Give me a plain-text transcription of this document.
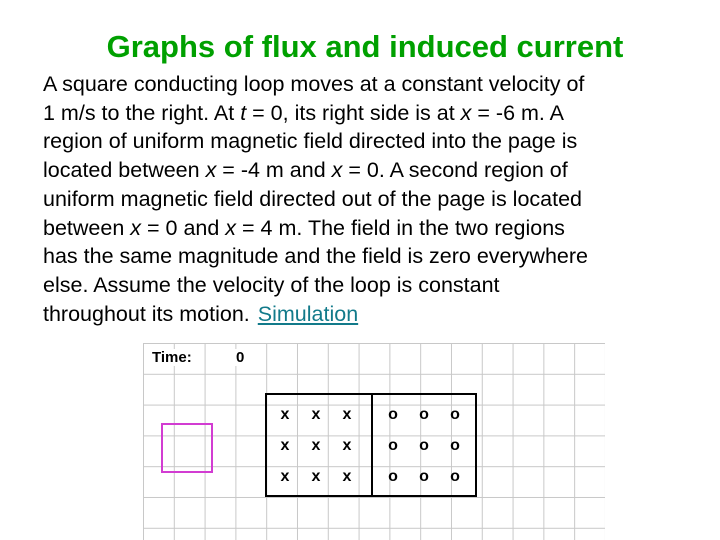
Graphs of flux and induced current
A square conducting loop moves at a constant velocity of
1 m/s to the right. At t = 0, its right side is at x = -6 m. A
region of uniform magnetic field directed into the page is
located between x = -4 m and x = 0. A second region of
uniform magnetic field directed out of the page is located
between x = 0 and x = 4 m. The field in the two regions
has the same magnitude and the field is zero everywhere
else. Assume the velocity of the loop is constant
throughout its motion. Simulation
Time:	0
x x x o o o
x x x o o o
x x x o o o
